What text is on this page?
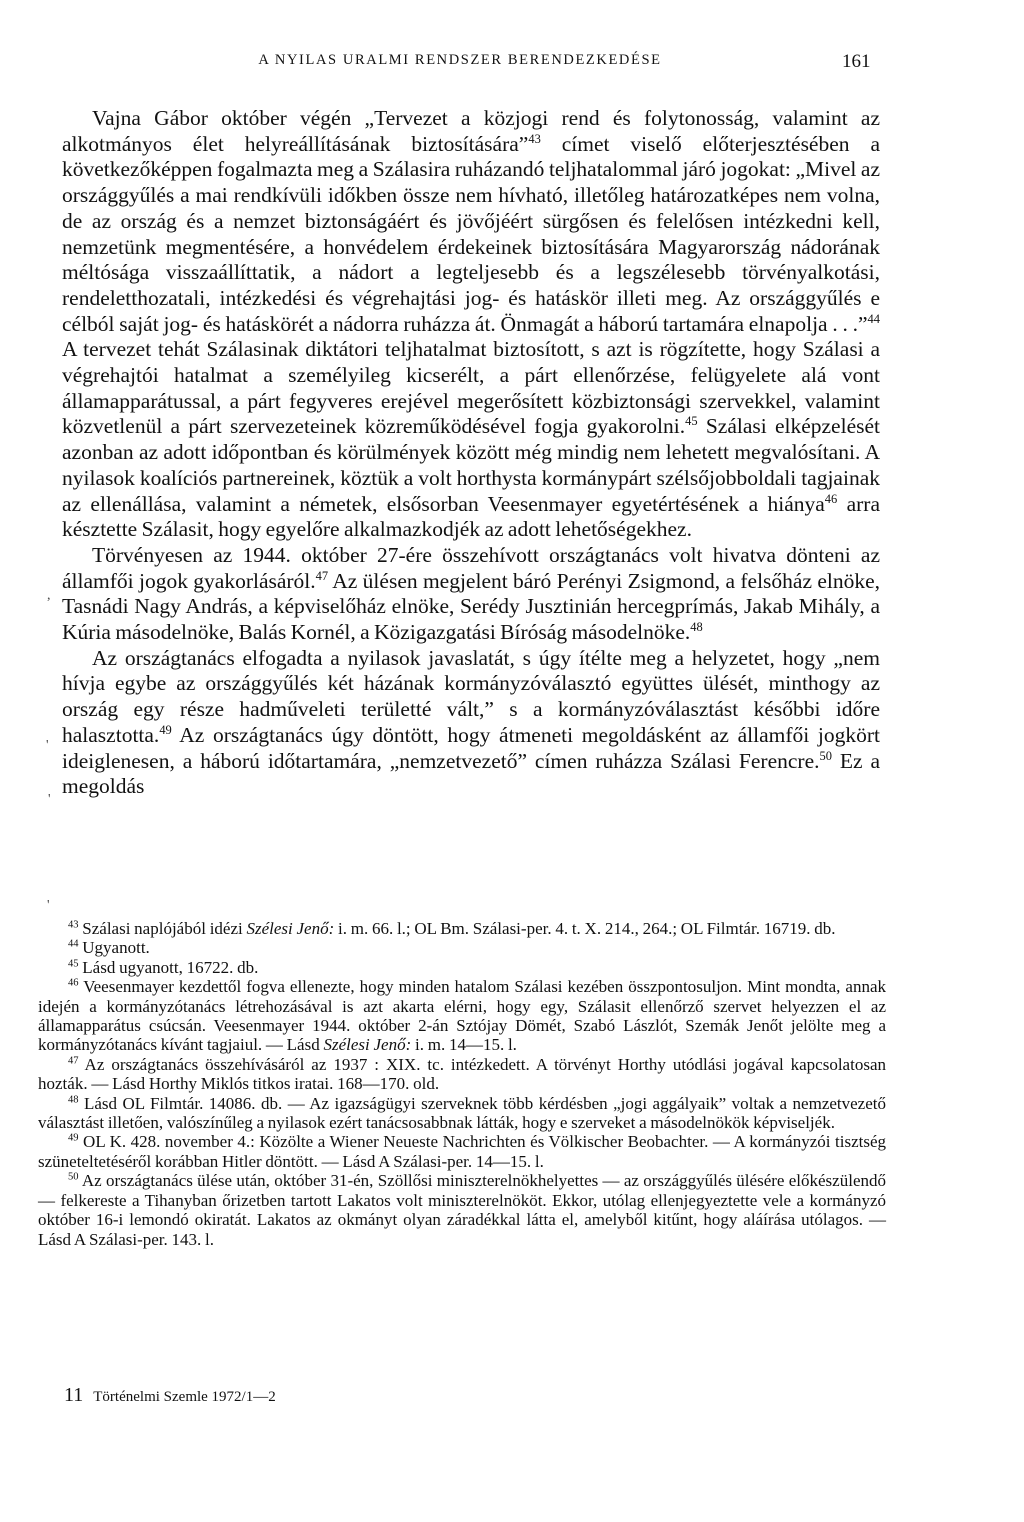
A NYILAS URALMI RENDSZER BERENDEZKEDÉSE	161
,
'
'
'

Vajna Gábor október végén „Tervezet a közjogi rend és folytonosság, valamint az alkotmányos élet helyreállításának biztosítására”$^{43}$ címet viselő előterjesztésében a következőképpen fogalmazta meg a Szálasira ruházandó teljhatalommal járó jogokat: „Mivel az országgyűlés a mai rendkívüli időkben össze nem hívható, illetőleg határozatképes nem volna, de az ország és a nemzet biztonságáért és jövőjéért sürgősen és felelősen intézkedni kell, nemzetünk megmentésére, a honvédelem érdekeinek biztosítására Magyarország nádorának méltósága visszaállíttatik, a nádort a legteljesebb és a legszélesebb törvényalkotási, rendeletthozatali, intézkedési és végrehajtási jog- és hatáskör illeti meg. Az országgyűlés e célból saját jog- és hatáskörét a nádorra ruházza át. Önmagát a háború tartamára elnapolja . . .”$^{44}$ A tervezet tehát Szálasinak diktátori teljhatalmat biztosított, s azt is rögzítette, hogy Szálasi a végrehajtói hatalmat a személyileg kicserélt, a párt ellenőrzése, felügyelete alá vont államapparátussal, a párt fegyveres erejével megerősített közbiztonsági szervekkel, valamint közvetlenül a párt szervezeteinek közreműködésével fogja gyakorolni.$^{45}$ Szálasi elképzelését azonban az adott időpontban és körülmények között még mindig nem lehetett megvalósítani. A nyilasok koalíciós partnereinek, köztük a volt horthysta kormánypárt szélsőjobboldali tagjainak az ellenállása, valamint a németek, elsősorban Veesenmayer egyetértésének a hiánya$^{46}$ arra késztette Szálasit, hogy egyelőre alkalmazkodjék az adott lehetőségekhez.

Törvényesen az 1944. október 27-ére összehívott országtanács volt hivatva dönteni az államfői jogok gyakorlásáról.$^{47}$ Az ülésen megjelent báró Perényi Zsigmond, a felsőház elnöke, Tasnádi Nagy András, a képviselőház elnöke, Serédy Jusztinián hercegprímás, Jakab Mihály, a Kúria másodelnöke, Balás Kornél, a Közigazgatási Bíróság másodelnöke.$^{48}$

Az országtanács elfogadta a nyilasok javaslatát, s úgy ítélte meg a helyzetet, hogy „nem hívja egybe az országgyűlés két házának kormányzóválasztó együttes ülését, minthogy az ország egy része hadműveleti területté vált,” s a kormányzóválasztást későbbi időre halasztotta.$^{49}$ Az országtanács úgy döntött, hogy átmeneti megoldásként az államfői jogkört ideiglenesen, a háború időtartamára, „nemzetvezető” címen ruházza Szálasi Ferencre.$^{50}$ Ez a megoldás

$^{43}$ Szálasi naplójából idézi Szélesi Jenő: i. m. 66. l.; OL Bm. Szálasi-per. 4. t. X. 214., 264.; OL Filmtár. 16719. db.

$^{44}$ Ugyanott.

$^{45}$ Lásd ugyanott, 16722. db.

$^{46}$ Veesenmayer kezdettől fogva ellenezte, hogy minden hatalom Szálasi kezében összpontosuljon. Mint mondta, annak idején a kormányzótanács létrehozásával is azt akarta elérni, hogy egy, Szálasit ellenőrző szervet helyezzen el az államapparátus csúcsán. Veesenmayer 1944. október 2-án Sztójay Dömét, Szabó Lászlót, Szemák Jenőt jelölte meg a kormányzótanács kívánt tagjaiul. — Lásd Szélesi Jenő: i. m. 14—15. l.

$^{47}$ Az országtanács összehívásáról az 1937 : XIX. tc. intézkedett. A törvényt Horthy utódlási jogával kapcsolatosan hozták. — Lásd Horthy Miklós titkos iratai. 168—170. old.

$^{48}$ Lásd OL Filmtár. 14086. db. — Az igazságügyi szerveknek több kérdésben „jogi aggályaik” voltak a nemzetvezető választást illetően, valószínűleg a nyilasok ezért tanácsosabbnak látták, hogy e szerveket a másodelnökök képviseljék.

$^{49}$ OL K. 428. november 4.: Közölte a Wiener Neueste Nachrichten és Völkischer Beobachter. — A kormányzói tisztség szüneteltetéséről korábban Hitler döntött. — Lásd A Szálasi-per. 14—15. l.

$^{50}$ Az országtanács ülése után, október 31-én, Szöllősi miniszterelnökhelyettes — az országgyűlés ülésére előkészülendő — felkereste a Tihanyban őrizetben tartott Lakatos volt miniszterelnököt. Ekkor, utólag ellenjegyeztette vele a kormányzó október 16-i lemondó okiratát. Lakatos az okmányt olyan záradékkal látta el, amelyből kitűnt, hogy aláírása utólagos. — Lásd A Szálasi-per. 143. l.

11 Történelmi Szemle 1972/1—2
